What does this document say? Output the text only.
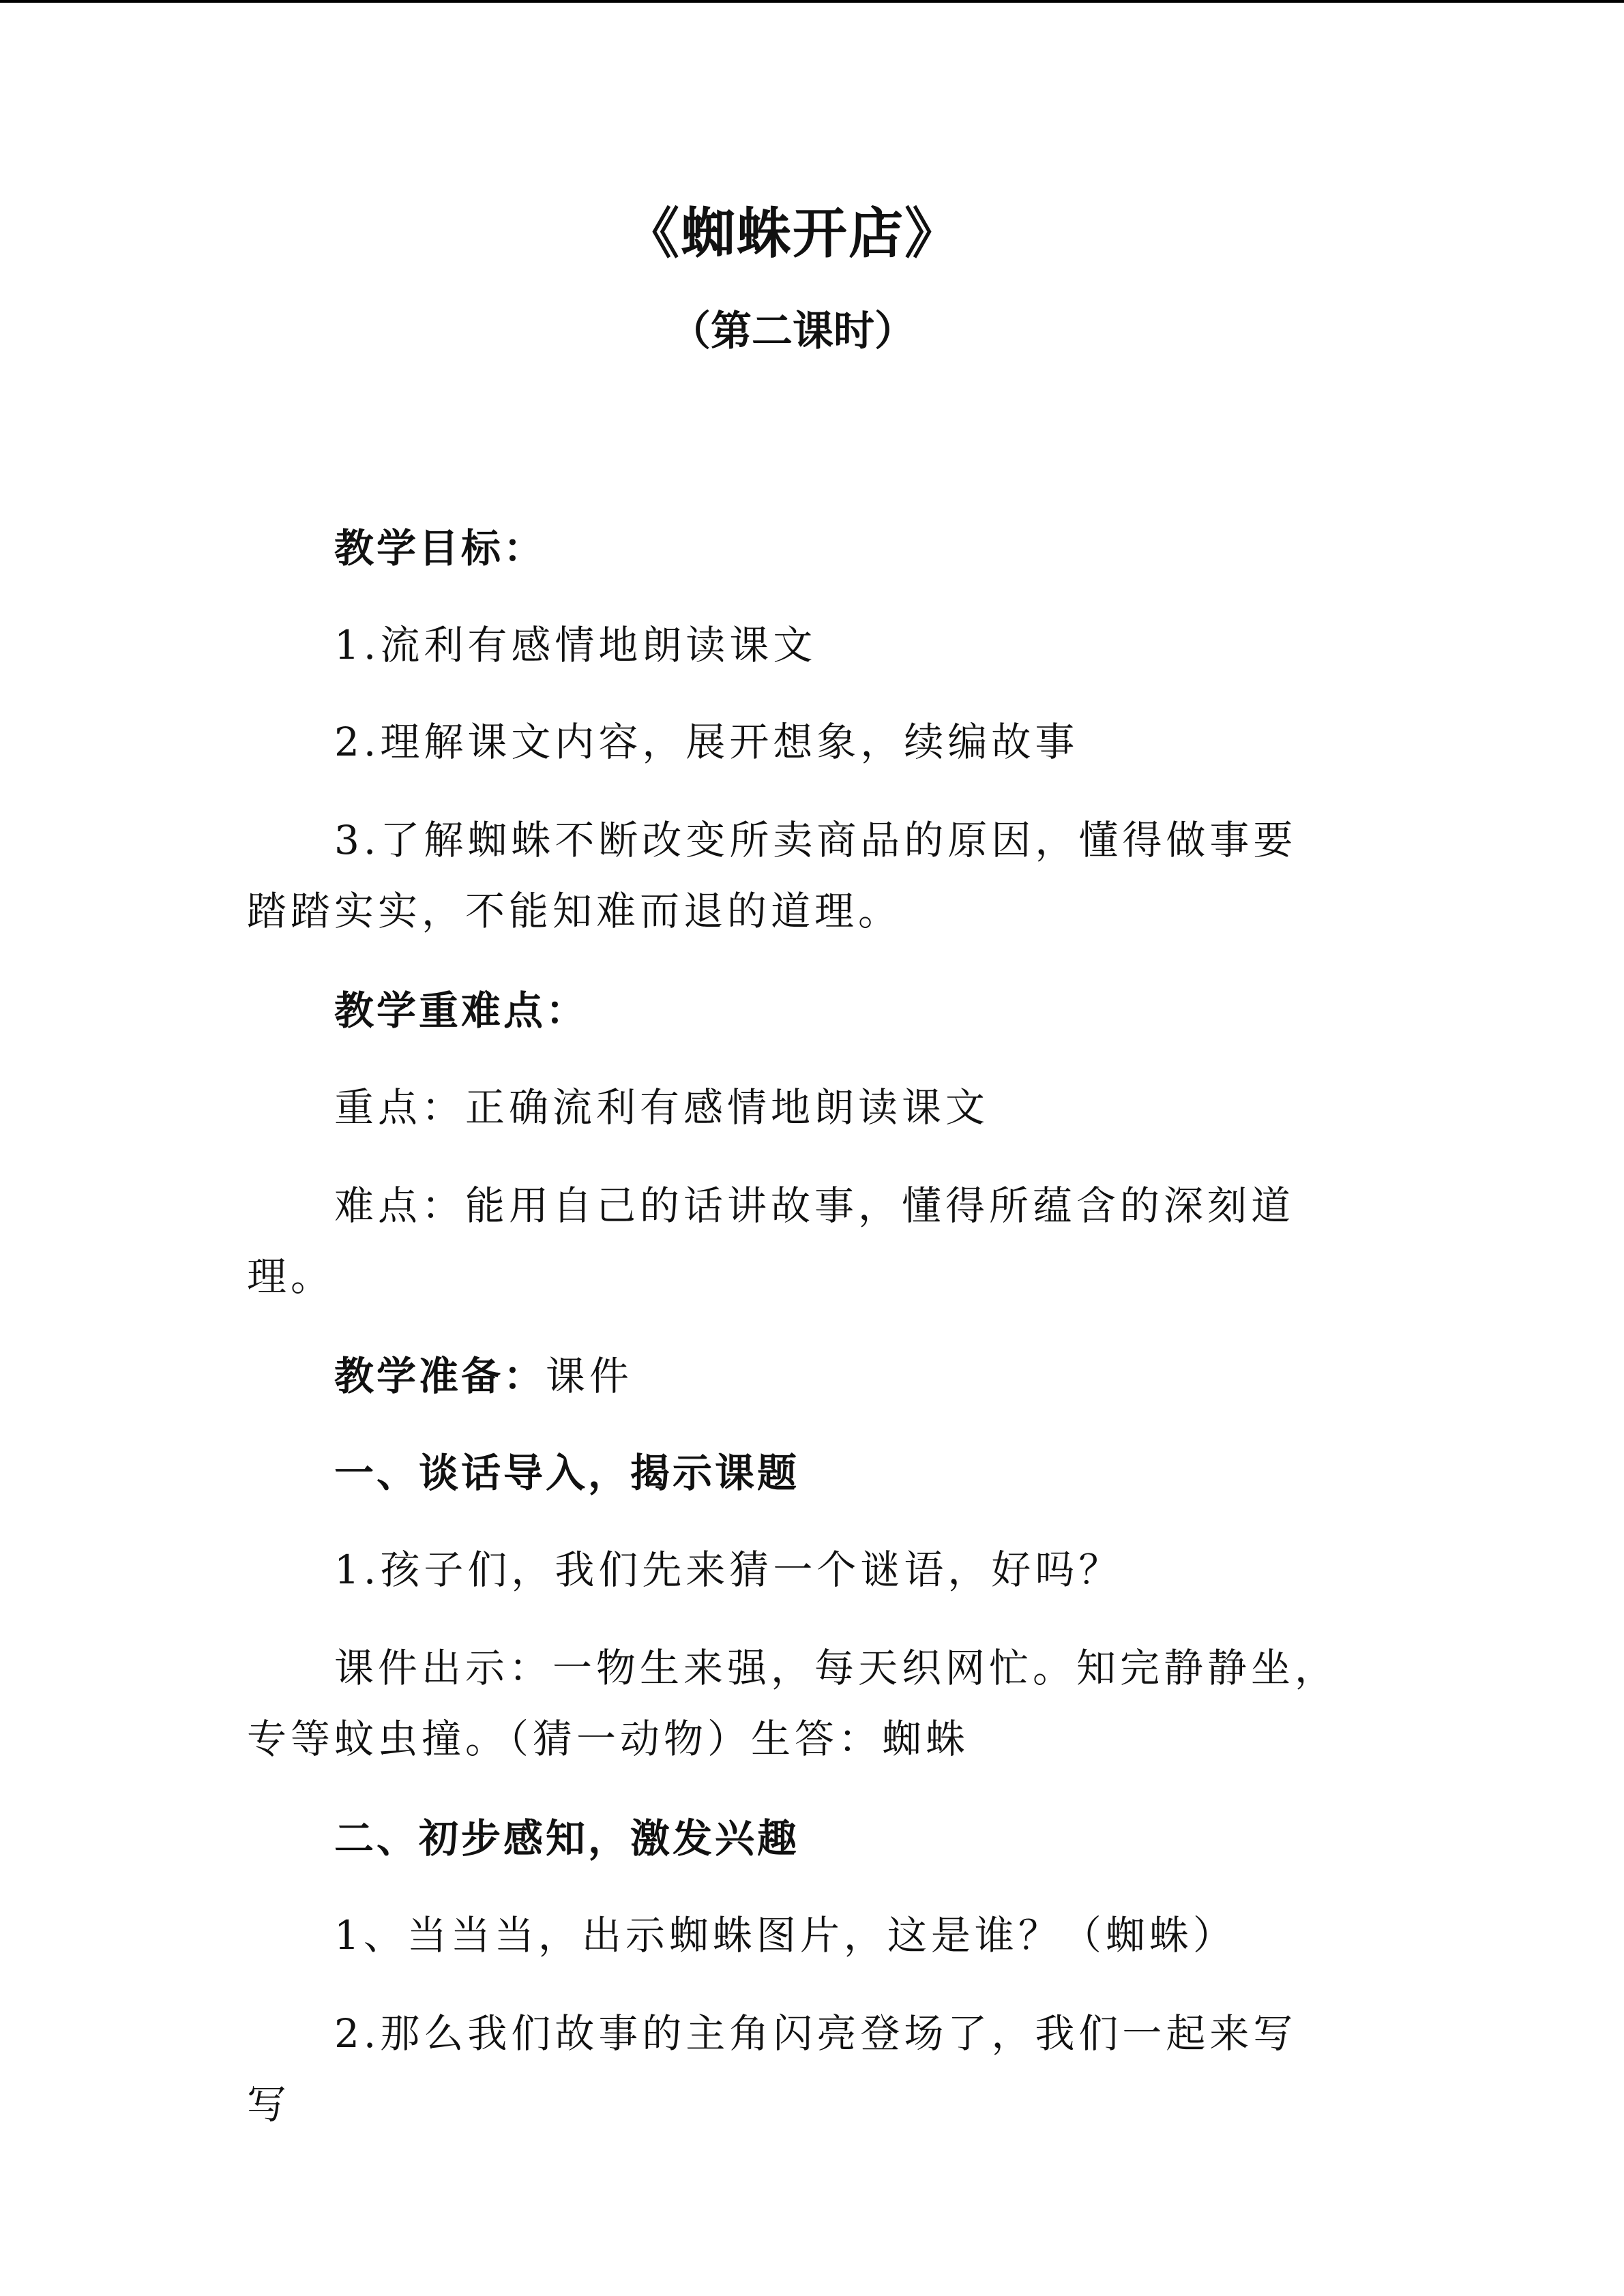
《蜘蛛开店》
（第二课时）

教学目标：

1.流利有感情地朗读课文

2.理解课文内容，展开想象，续编故事

3.了解蜘蛛不断改变所卖商品的原因，懂得做事要踏踏实实，不能知难而退的道理。

教学重难点：

重点：正确流利有感情地朗读课文

难点：能用自己的话讲故事，懂得所蕴含的深刻道理。

教学准备：课件

一、谈话导入，揭示课题

1.孩子们，我们先来猜一个谜语，好吗？

课件出示：一物生来强，每天织网忙。知完静静坐，专等蚊虫撞。（猜一动物）生答：蜘蛛

二、初步感知，激发兴趣

1、当当当，出示蜘蛛图片，这是谁？（蜘蛛）

2.那么我们故事的主角闪亮登场了，我们一起来写写
